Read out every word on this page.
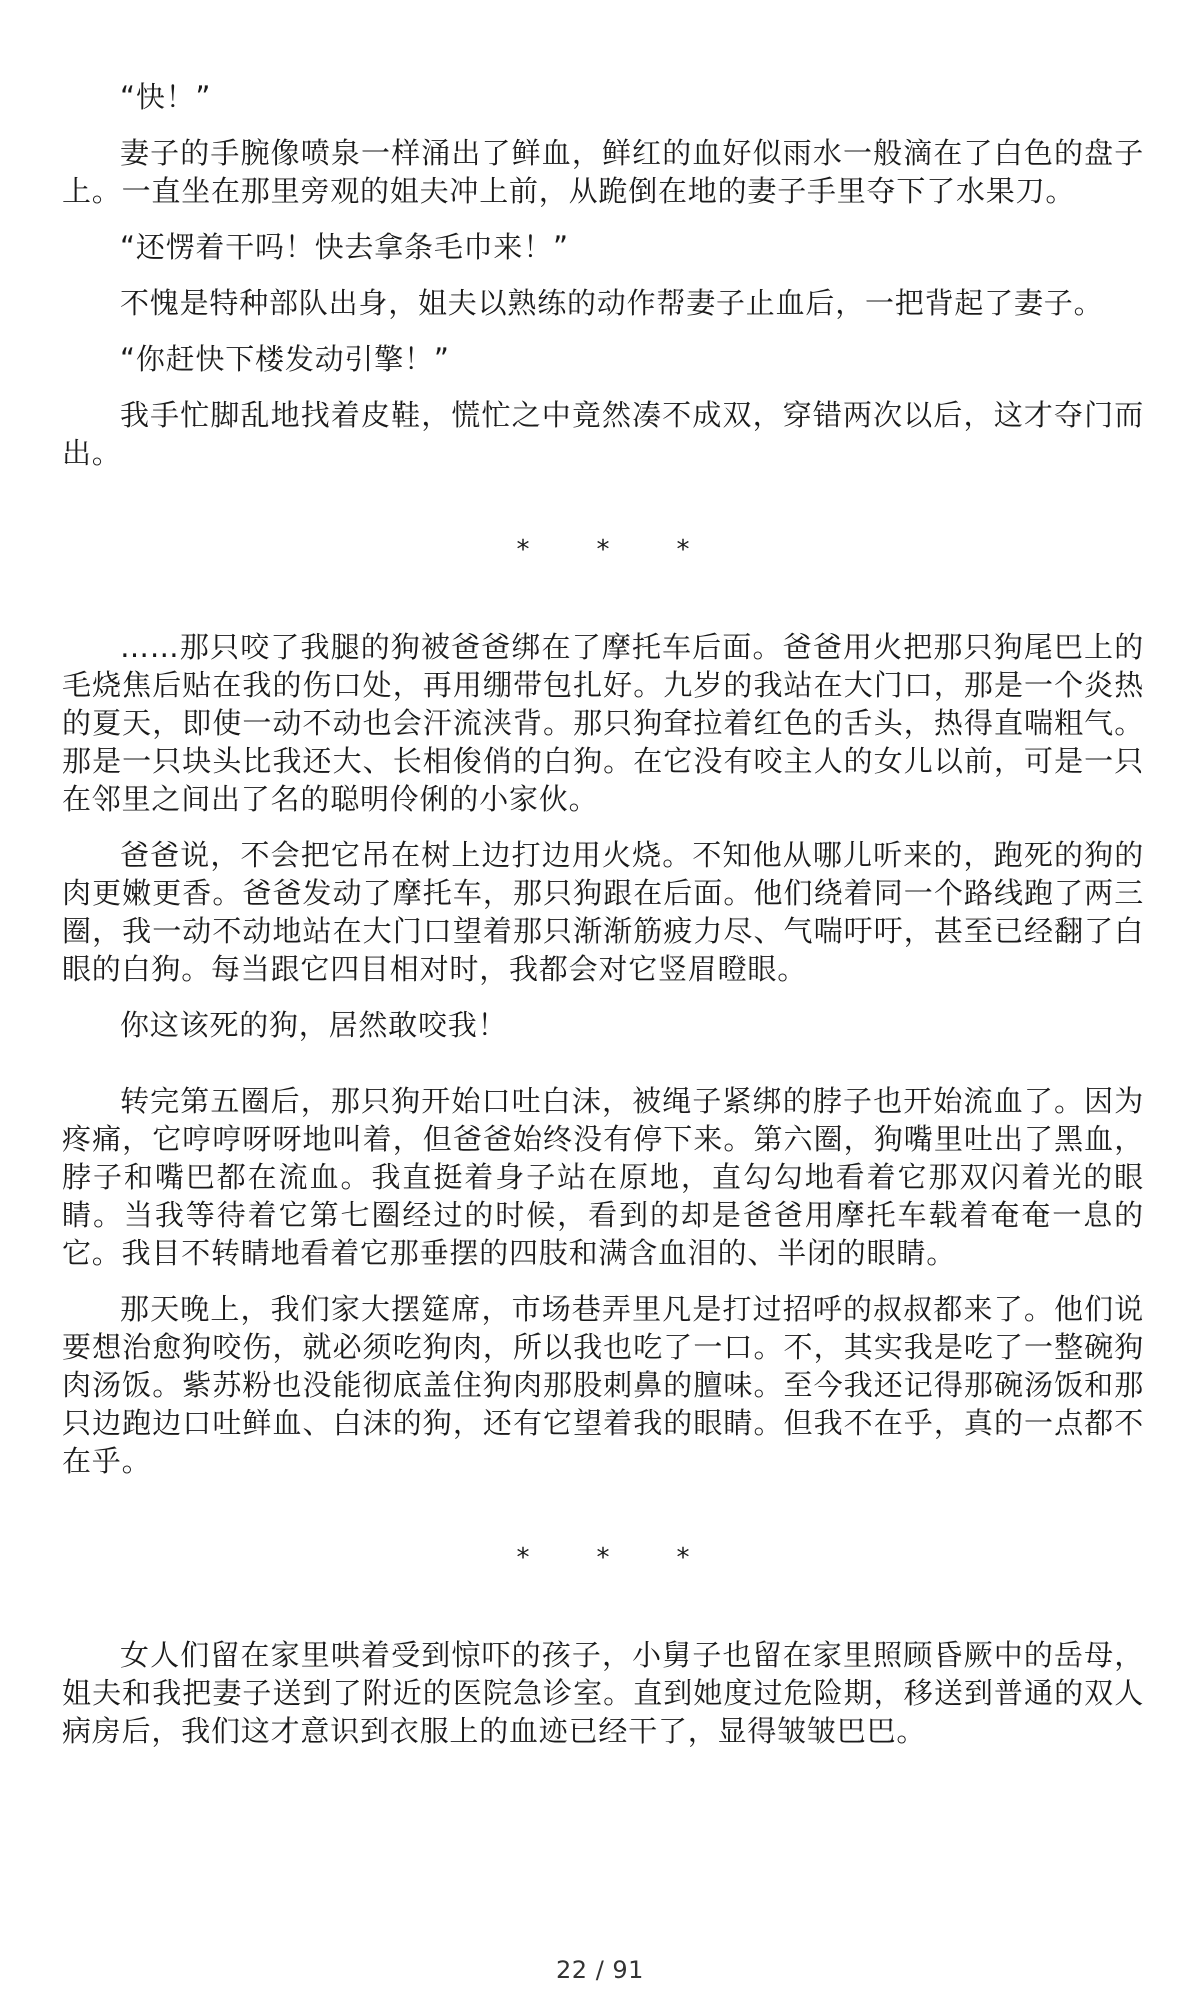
“快！”

妻子的手腕像喷泉一样涌出了鲜血，鲜红的血好似雨水一般滴在了白色的盘子上。一直坐在那里旁观的姐夫冲上前，从跪倒在地的妻子手里夺下了水果刀。

“还愣着干吗！快去拿条毛巾来！”

不愧是特种部队出身，姐夫以熟练的动作帮妻子止血后，一把背起了妻子。

“你赶快下楼发动引擎！”

我手忙脚乱地找着皮鞋，慌忙之中竟然凑不成双，穿错两次以后，这才夺门而出。

*	*	*

……那只咬了我腿的狗被爸爸绑在了摩托车后面。爸爸用火把那只狗尾巴上的毛烧焦后贴在我的伤口处，再用绷带包扎好。九岁的我站在大门口，那是一个炎热的夏天，即使一动不动也会汗流浃背。那只狗耷拉着红色的舌头，热得直喘粗气。那是一只块头比我还大、长相俊俏的白狗。在它没有咬主人的女儿以前，可是一只在邻里之间出了名的聪明伶俐的小家伙。

爸爸说，不会把它吊在树上边打边用火烧。不知他从哪儿听来的，跑死的狗的肉更嫩更香。爸爸发动了摩托车，那只狗跟在后面。他们绕着同一个路线跑了两三圈，我一动不动地站在大门口望着那只渐渐筋疲力尽、气喘吁吁，甚至已经翻了白眼的白狗。每当跟它四目相对时，我都会对它竖眉瞪眼。

你这该死的狗，居然敢咬我！

转完第五圈后，那只狗开始口吐白沫，被绳子紧绑的脖子也开始流血了。因为疼痛，它哼哼呀呀地叫着，但爸爸始终没有停下来。第六圈，狗嘴里吐出了黑血，脖子和嘴巴都在流血。我直挺着身子站在原地，直勾勾地看着它那双闪着光的眼睛。当我等待着它第七圈经过的时候，看到的却是爸爸用摩托车载着奄奄一息的它。我目不转睛地看着它那垂摆的四肢和满含血泪的、半闭的眼睛。

那天晚上，我们家大摆筵席，市场巷弄里凡是打过招呼的叔叔都来了。他们说要想治愈狗咬伤，就必须吃狗肉，所以我也吃了一口。不，其实我是吃了一整碗狗肉汤饭。紫苏粉也没能彻底盖住狗肉那股刺鼻的膻味。至今我还记得那碗汤饭和那只边跑边口吐鲜血、白沫的狗，还有它望着我的眼睛。但我不在乎，真的一点都不在乎。

*	*	*

女人们留在家里哄着受到惊吓的孩子，小舅子也留在家里照顾昏厥中的岳母，姐夫和我把妻子送到了附近的医院急诊室。直到她度过危险期，移送到普通的双人病房后，我们这才意识到衣服上的血迹已经干了，显得皱皱巴巴。

22 / 91
